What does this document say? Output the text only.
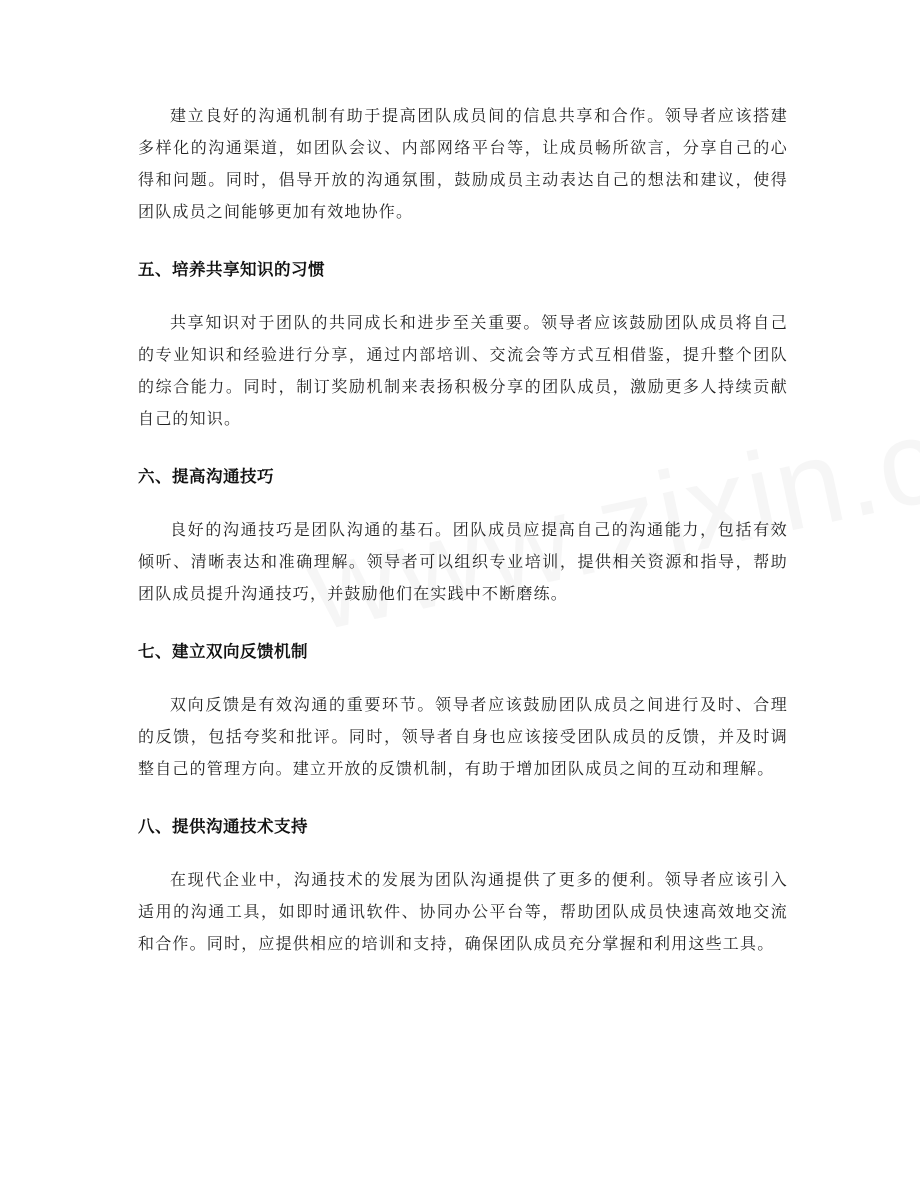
建立良好的沟通机制有助于提高团队成员间的信息共享和合作。领导者应该搭建多样化的沟通渠道，如团队会议、内部网络平台等，让成员畅所欲言，分享自己的心得和问题。同时，倡导开放的沟通氛围，鼓励成员主动表达自己的想法和建议，使得团队成员之间能够更加有效地协作。

五、培养共享知识的习惯

共享知识对于团队的共同成长和进步至关重要。领导者应该鼓励团队成员将自己的专业知识和经验进行分享，通过内部培训、交流会等方式互相借鉴，提升整个团队的综合能力。同时，制订奖励机制来表扬积极分享的团队成员，激励更多人持续贡献自己的知识。

六、提高沟通技巧

良好的沟通技巧是团队沟通的基石。团队成员应提高自己的沟通能力，包括有效倾听、清晰表达和准确理解。领导者可以组织专业培训，提供相关资源和指导，帮助团队成员提升沟通技巧，并鼓励他们在实践中不断磨练。

七、建立双向反馈机制

双向反馈是有效沟通的重要环节。领导者应该鼓励团队成员之间进行及时、合理的反馈，包括夸奖和批评。同时，领导者自身也应该接受团队成员的反馈，并及时调整自己的管理方向。建立开放的反馈机制，有助于增加团队成员之间的互动和理解。

八、提供沟通技术支持

在现代企业中，沟通技术的发展为团队沟通提供了更多的便利。领导者应该引入适用的沟通工具，如即时通讯软件、协同办公平台等，帮助团队成员快速高效地交流和合作。同时，应提供相应的培训和支持，确保团队成员充分掌握和利用这些工具。
